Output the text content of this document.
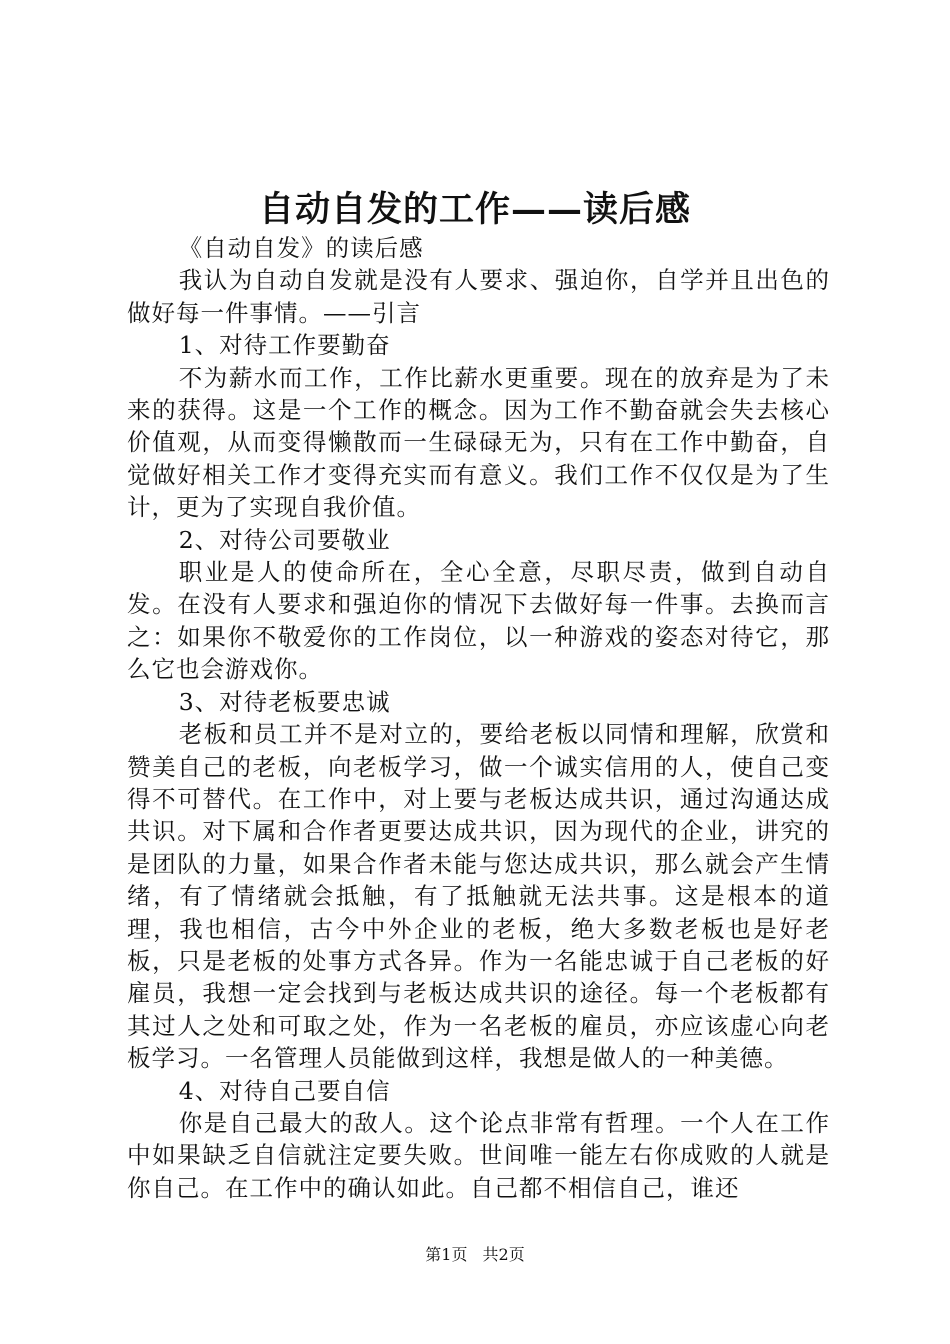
自动自发的工作——读后感

《自动自发》的读后感

我认为自动自发就是没有人要求、强迫你，自学并且出色的做好每一件事情。——引言

1、对待工作要勤奋

不为薪水而工作，工作比薪水更重要。现在的放弃是为了未来的获得。这是一个工作的概念。因为工作不勤奋就会失去核心价值观，从而变得懒散而一生碌碌无为，只有在工作中勤奋，自觉做好相关工作才变得充实而有意义。我们工作不仅仅是为了生计，更为了实现自我价值。

2、对待公司要敬业

职业是人的使命所在，全心全意，尽职尽责，做到自动自发。在没有人要求和强迫你的情况下去做好每一件事。去换而言之：如果你不敬爱你的工作岗位，以一种游戏的姿态对待它，那么它也会游戏你。

3、对待老板要忠诚

老板和员工并不是对立的，要给老板以同情和理解，欣赏和赞美自己的老板，向老板学习，做一个诚实信用的人，使自己变得不可替代。在工作中，对上要与老板达成共识，通过沟通达成共识。对下属和合作者更要达成共识，因为现代的企业，讲究的是团队的力量，如果合作者未能与您达成共识，那么就会产生情绪，有了情绪就会抵触，有了抵触就无法共事。这是根本的道理，我也相信，古今中外企业的老板，绝大多数老板也是好老板，只是老板的处事方式各异。作为一名能忠诚于自己老板的好雇员，我想一定会找到与老板达成共识的途径。每一个老板都有其过人之处和可取之处，作为一名老板的雇员，亦应该虚心向老板学习。一名管理人员能做到这样，我想是做人的一种美德。

4、对待自己要自信

你是自己最大的敌人。这个论点非常有哲理。一个人在工作中如果缺乏自信就注定要失败。世间唯一能左右你成败的人就是你自己。在工作中的确认如此。自己都不相信自己，谁还

第1页 共2页
